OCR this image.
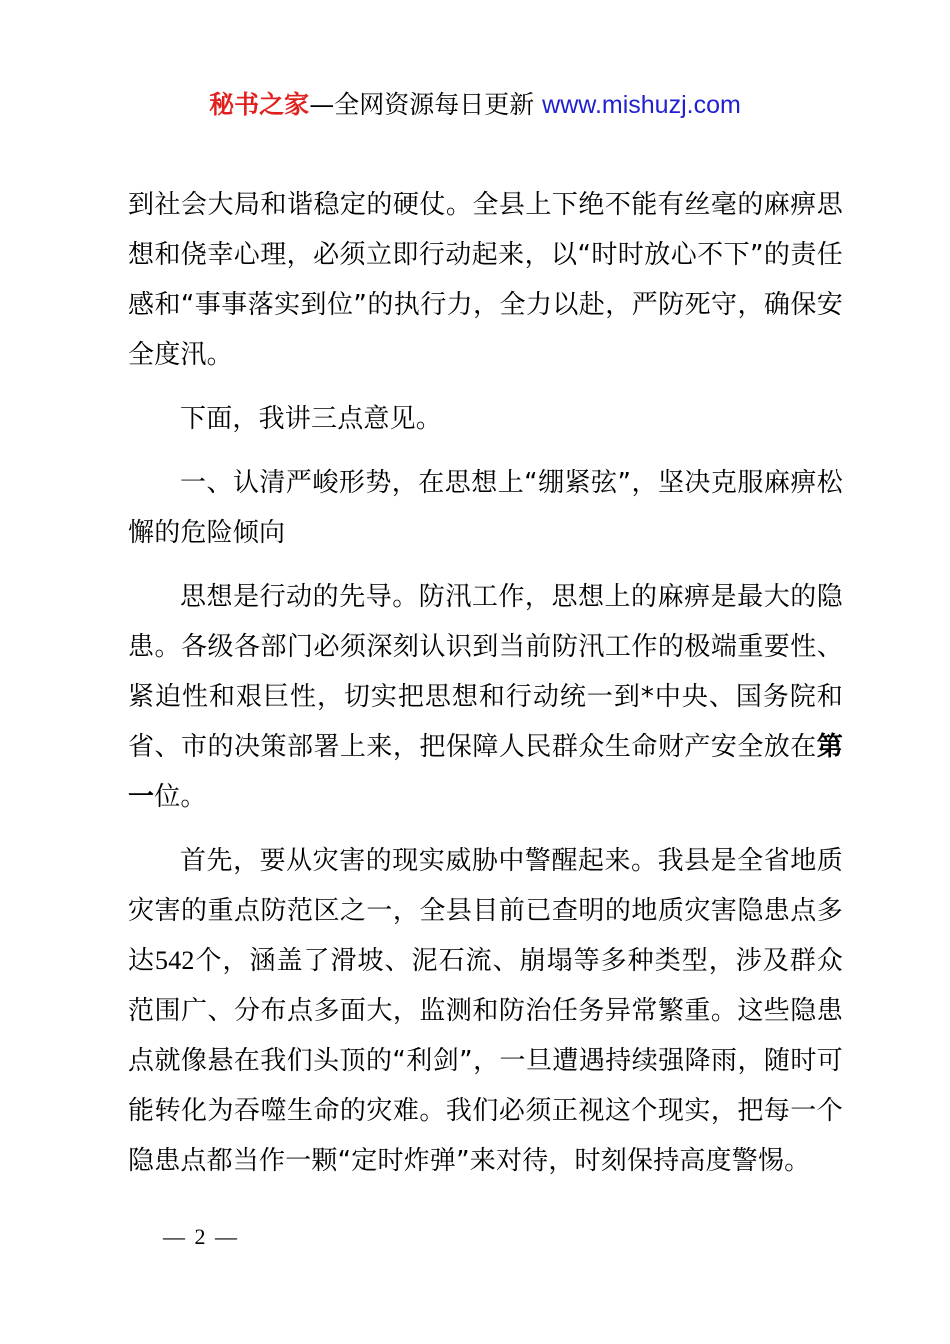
秘书之家—全网资源每日更新 www.mishuzj.com

到社会大局和谐稳定的硬仗。全县上下绝不能有丝毫的麻痹思想和侥幸心理，必须立即行动起来，以“时时放心不下”的责任感和“事事落实到位”的执行力，全力以赴，严防死守，确保安全度汛。

下面，我讲三点意见。

一、认清严峻形势，在思想上“绷紧弦”，坚决克服麻痹松懈的危险倾向

思想是行动的先导。防汛工作，思想上的麻痹是最大的隐患。各级各部门必须深刻认识到当前防汛工作的极端重要性、紧迫性和艰巨性，切实把思想和行动统一到*中央、国务院和省、市的决策部署上来，把保障人民群众生命财产安全放在第一位。

首先，要从灾害的现实威胁中警醒起来。我县是全省地质灾害的重点防范区之一，全县目前已查明的地质灾害隐患点多达542个，涵盖了滑坡、泥石流、崩塌等多种类型，涉及群众范围广、分布点多面大，监测和防治任务异常繁重。这些隐患点就像悬在我们头顶的“利剑”，一旦遭遇持续强降雨，随时可能转化为吞噬生命的灾难。我们必须正视这个现实，把每一个隐患点都当作一颗“定时炸弹”来对待，时刻保持高度警惕。

— 2 —
